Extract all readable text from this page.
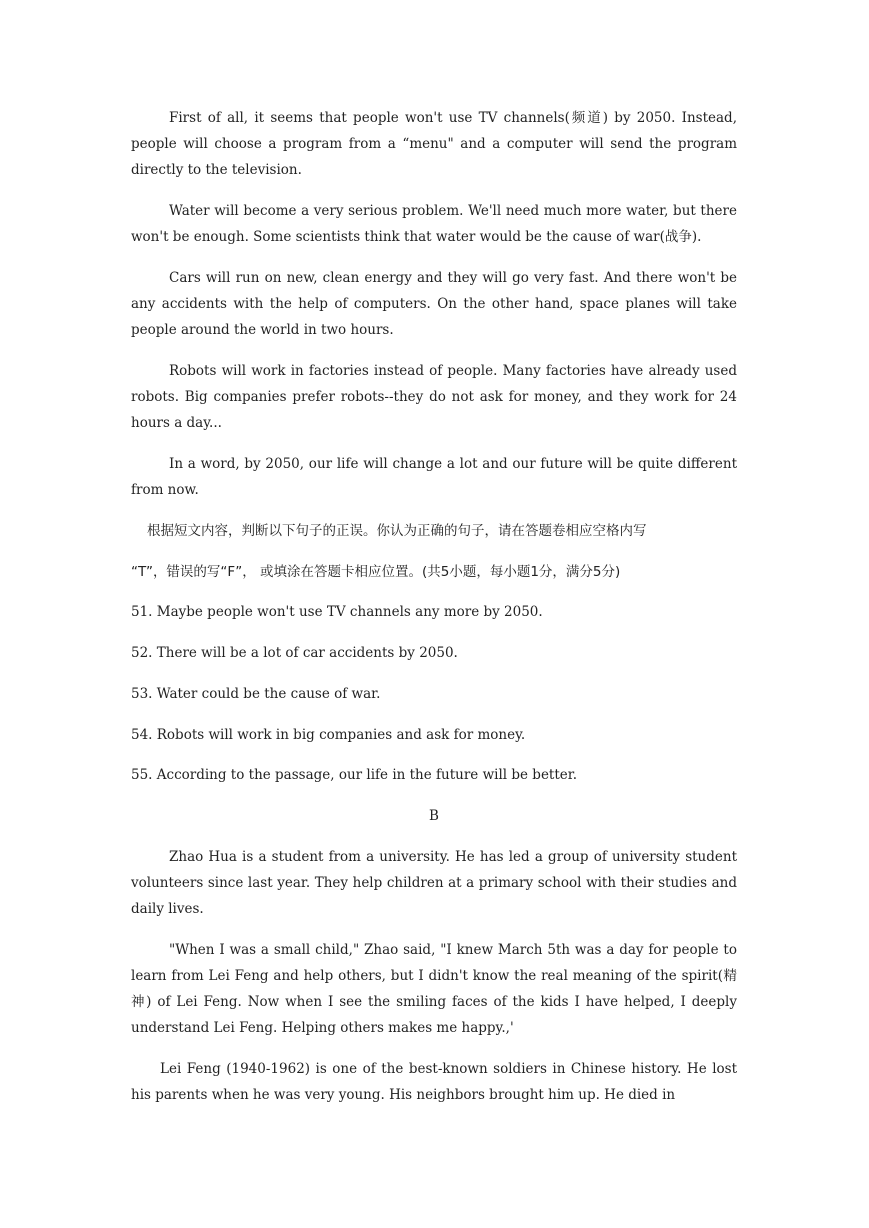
First of all, it seems that people won't use TV channels(频道) by 2050. Instead, people will choose a program from a “menu" and a computer will send the program directly to the television.

Water will become a very serious problem. We'll need much more water, but there won't be enough. Some scientists think that water would be the cause of war(战争).

Cars will run on new, clean energy and they will go very fast. And there won't be any accidents with the help of computers. On the other hand, space planes will take people around the world in two hours.

Robots will work in factories instead of people. Many factories have already used robots. Big companies prefer robots--they do not ask for money, and they work for 24 hours a day...

In a word, by 2050, our life will change a lot and our future will be quite different from now.

根据短文内容，判断以下句子的正误。你认为正确的句子，请在答题卷相应空格内写

“T”，错误的写“F”， 或填涂在答题卡相应位置。(共5小题，每小题1分，满分5分)

51. Maybe people won't use TV channels any more by 2050.

52. There will be a lot of car accidents by 2050.

53. Water could be the cause of war.

54. Robots will work in big companies and ask for money.

55. According to the passage, our life in the future will be better.

B

Zhao Hua is a student from a university. He has led a group of university student volunteers since last year. They help children at a primary school with their studies and daily lives.

"When I was a small child," Zhao said, "I knew March 5th was a day for people to learn from Lei Feng and help others, but I didn't know the real meaning of the spirit(精神) of Lei Feng. Now when I see the smiling faces of the kids I have helped, I deeply understand Lei Feng. Helping others makes me happy.,'

Lei Feng (1940-1962) is one of the best-known soldiers in Chinese history. He lost his parents when he was very young. His neighbors brought him up. He died in
